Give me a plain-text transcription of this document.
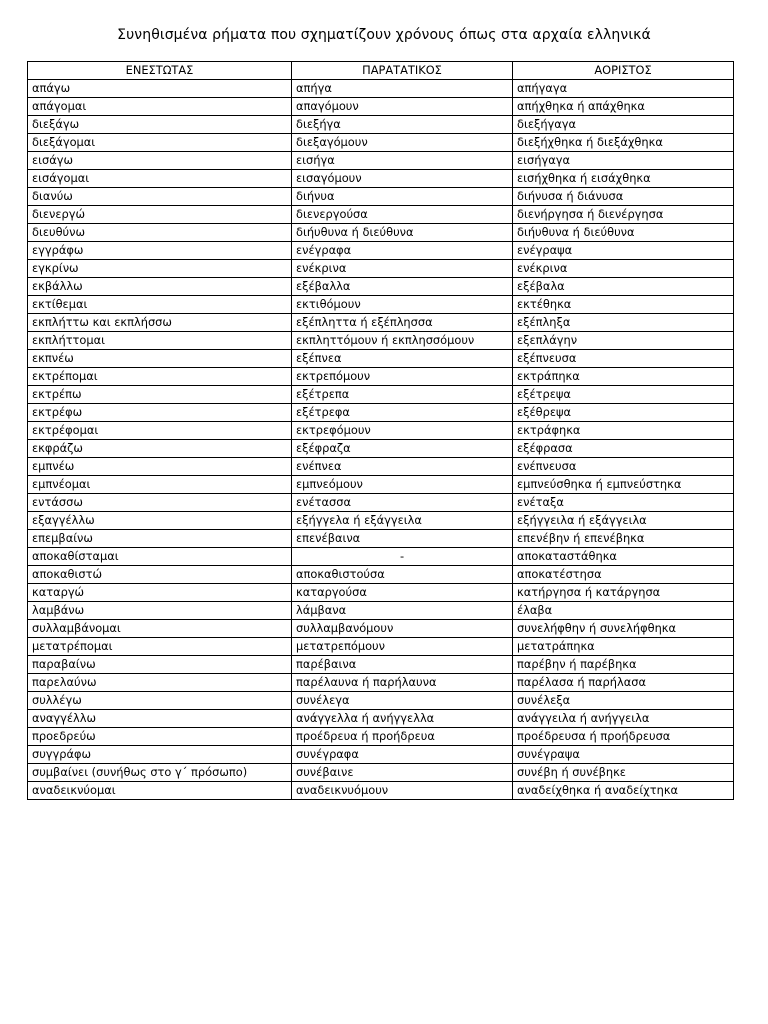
Συνηθισμένα ρήματα που σχηματίζουν χρόνους όπως στα αρχαία ελληνικά
ΕΝΕΣΤΩΤΑΣ	ΠΑΡΑΤΑΤΙΚΟΣ	ΑΟΡΙΣΤΟΣ
απάγω	απήγα	απήγαγα
απάγομαι	απαγόμουν	απήχθηκα ή απάχθηκα
διεξάγω	διεξήγα	διεξήγαγα
διεξάγομαι	διεξαγόμουν	διεξήχθηκα ή διεξάχθηκα
εισάγω	εισήγα	εισήγαγα
εισάγομαι	εισαγόμουν	εισήχθηκα ή εισάχθηκα
διανύω	διήνυα	διήνυσα ή διάνυσα
διενεργώ	διενεργούσα	διενήργησα ή διενέργησα
διευθύνω	διήυθυνα ή διεύθυνα	διήυθυνα ή διεύθυνα
εγγράφω	ενέγραφα	ενέγραψα
εγκρίνω	ενέκρινα	ενέκρινα
εκβάλλω	εξέβαλλα	εξέβαλα
εκτίθεμαι	εκτιθόμουν	εκτέθηκα
εκπλήττω και εκπλήσσω	εξέπληττα ή εξέπλησσα	εξέπληξα
εκπλήττομαι	εκπληττόμουν ή εκπλησσόμουν	εξεπλάγην
εκπνέω	εξέπνεα	εξέπνευσα
εκτρέπομαι	εκτρεπόμουν	εκτράπηκα
εκτρέπω	εξέτρεπα	εξέτρεψα
εκτρέφω	εξέτρεφα	εξέθρεψα
εκτρέφομαι	εκτρεφόμουν	εκτράφηκα
εκφράζω	εξέφραζα	εξέφρασα
εμπνέω	ενέπνεα	ενέπνευσα
εμπνέομαι	εμπνεόμουν	εμπνεύσθηκα ή εμπνεύστηκα
εντάσσω	ενέτασσα	ενέταξα
εξαγγέλλω	εξήγγελα ή εξάγγειλα	εξήγγειλα ή εξάγγειλα
επεμβαίνω	επενέβαινα	επενέβην ή επενέβηκα
αποκαθίσταμαι	-	αποκαταστάθηκα
αποκαθιστώ	αποκαθιστούσα	αποκατέστησα
καταργώ	καταργούσα	κατήργησα ή κατάργησα
λαμβάνω	λάμβανα	έλαβα
συλλαμβάνομαι	συλλαμβανόμουν	συνελήφθην ή συνελήφθηκα
μετατρέπομαι	μετατρεπόμουν	μετατράπηκα
παραβαίνω	παρέβαινα	παρέβην ή παρέβηκα
παρελαύνω	παρέλαυνα ή παρήλαυνα	παρέλασα ή παρήλασα
συλλέγω	συνέλεγα	συνέλεξα
αναγγέλλω	ανάγγελλα ή ανήγγελλα	ανάγγειλα ή ανήγγειλα
προεδρεύω	προέδρευα ή προήδρευα	προέδρευσα ή προήδρευσα
συγγράφω	συνέγραφα	συνέγραψα
συμβαίνει (συνήθως στο γ΄ πρόσωπο)	συνέβαινε	συνέβη ή συνέβηκε
αναδεικνύομαι	αναδεικνυόμουν	αναδείχθηκα ή αναδείχτηκα
